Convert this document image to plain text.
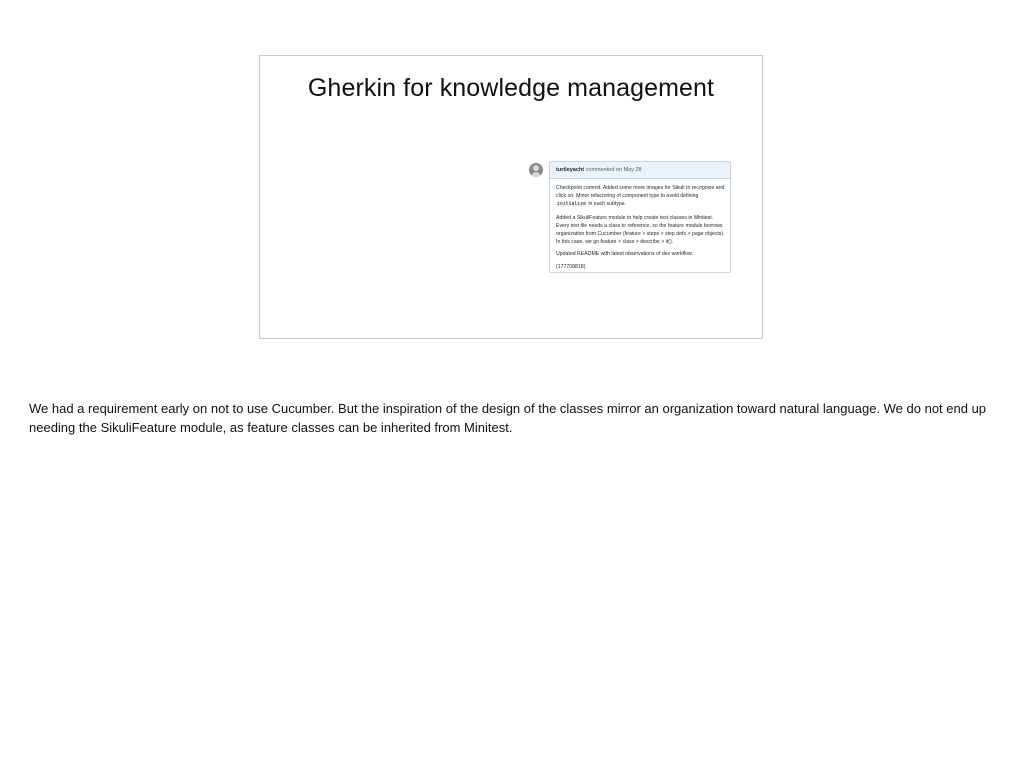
Gherkin for knowledge management
turtleyacht commented on May 28

Checkpoint commit. Added some more images for Sikuli to recognize and
click on. Minor refactoring of component type to avoid defining
initialize in each subtype.

Added a SikuliFeature module to help create test classes in Minitest.
Every test file needs a class to reference, so the feature module borrows
organization from Cucumber (feature > steps > step defs > page objects).
In this case, we go feature > class > describe > it().

Updated README with latest observations of dev workflow.

(177708818)

We had a requirement early on not to use Cucumber. But the inspiration of the design of the classes mirror an organization toward natural language. We do not end up needing the SikuliFeature module, as feature classes can be inherited from Minitest.
